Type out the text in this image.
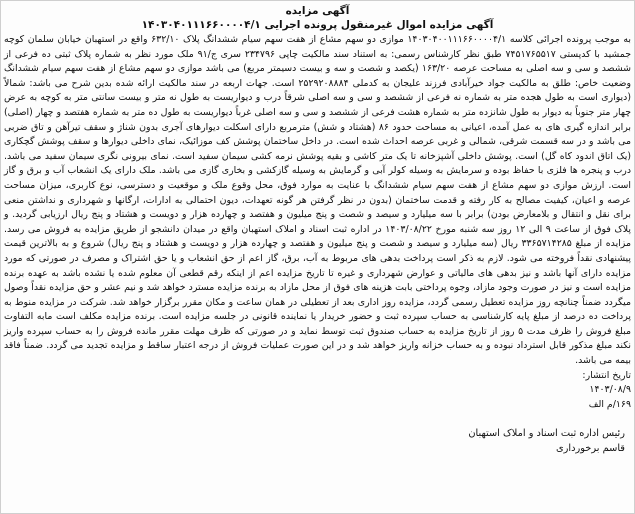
آگهی مزایده

آگهی مزایده اموال غیرمنقول پرونده اجرایی ۱۴۰۳۰۴۰۱۱۱۶۶۰۰۰۰۴/۱

به موجب پرونده اجرائی کلاسه ۱۴۰۳۰۴۰۰۱۱۱۶۶۰۰۰۰۴/۱ موازی دو سهم مشاع از هفت سهم سیام ششدانگ پلاک ۶۳۲/۱۰ واقع در استهبان خیابان سلمان کوچه جمشید با کدپستی ۷۴۵۱۷۶۵۵۱۷ طبق نظر کارشناس رسمی: به استناد سند مالکیت چاپی ۲۳۴۷۹۶ سری ج/۹۱ ملک مورد نظر به شماره پلاک ثبتی ده فرعی از ششصد و سی و سه اصلی به مساحت عرصه ۱۶۳/۲۰ (یکصد و شصت و سه و بیست دسیمتر مربع) می باشد موازی دو سهم مشاع از هفت سهم سیام ششدانگ وضعیت خاص: طلق به مالکیت جواد خیرآبادی فرزند علیجان به کدملی ۲۵۲۹۲۰۸۸۸۴ است. جهات اربعه در سند مالکیت ارائه شده بدین شرح می باشد: شمالاً (دیواری است به طول هجده متر به شماره نه فرعی از ششصد و سی و سه اصلی شرقاً درب و دیواریست به طول نه متر و بیست سانتی متر به کوچه به عرض چهار متر جنوباً به دیوار به طول شانزده متر به شماره هشت فرعی از ششصد و سی و سه اصلی غرباً دیواریست به طول ده متر به شماره هفتصد و چهار (اصلی) برابر اندازه گیری های به عمل آمده، اعیانی به مساحت حدود ۸۶ (هشتاد و شش) مترمربع دارای اسکلت دیوارهای آجری بدون شناژ و سقف تیرآهن و تاق ضربی می باشد و در سه قسمت شرقی، شمالی و غربی عرصه احداث شده است. در داخل ساختمان پوشش کف موزائیک، نمای داخلی دیوارها و سقف پوشش گچکاری (یک اتاق اندود کاه گل) است. پوشش داخلی آشپزخانه تا یک متر کاشی و بقیه پوشش نرمه کشی سیمان سفید است. نمای بیرونی نگری سیمان سفید می باشد. درب و پنجره ها فلزی با حفاظ بوده و سرمایش به وسیله کولر آبی و گرمایش به وسیله گازکشی و بخاری گازی می باشد. ملک دارای یک انشعاب آب و برق و گاز است. ارزش موازی دو سهم مشاع از هفت سهم سیام ششدانگ با عنایت به موارد فوق، محل وقوع ملک و موقعیت و دسترسی، نوع کاربری، میزان مساحت عرصه و اعیان، کیفیت مصالح به کار رفته و قدمت ساختمان (بدون در نظر گرفتن هر گونه تعهدات، دیون احتمالی به ادارات، ارگانها و شهرداری و نداشتن منعی برای نقل و انتقال و بلامعارض بودن) برابر با سه میلیارد و سیصد و شصت و پنج میلیون و هفتصد و چهارده هزار و دویست و هشتاد و پنج ریال ارزیابی گردید. و پلاک فوق از ساعت ۹ الی ۱۲ روز سه شنبه مورخ ۱۴۰۳/۰۸/۲۲ در اداره ثبت اسناد و املاک استهبان واقع در میدان دانشجو از طریق مزایده به فروش می رسد. مزایده از مبلغ ۳۳۶۵۷۱۴۲۸۵ ریال (سه میلیارد و سیصد و شصت و پنج میلیون و هفتصد و چهارده هزار و دویست و هشتاد و پنج ریال) شروع و به بالاترین قیمت پیشنهادی نقداً فروخته می شود. لازم به ذکر است پرداخت بدهی های مربوط به آب، برق، گاز اعم از حق انشعاب و یا حق اشتراک و مصرف در صورتی که مورد مزایده دارای آنها باشد و نیز بدهی های مالیاتی و عوارض شهرداری و غیره تا تاریخ مزایده اعم از اینکه رقم قطعی آن معلوم شده یا نشده باشد به عهده برنده مزایده است و نیز در صورت وجود مازاد، وجوه پرداختی بابت هزینه های فوق از محل مازاد به برنده مزایده مسترد خواهد شد و نیم عشر و حق مزایده نقداً وصول میگردد ضمناً چنانچه روز مزایده تعطیل رسمی گردد، مزایده روز اداری بعد از تعطیلی در همان ساعت و مکان مقرر برگزار خواهد شد. شرکت در مزایده منوط به پرداخت ده درصد از مبلغ پایه کارشناسی به حساب سپرده ثبت و حضور خریدار یا نماینده قانونی در جلسه مزایده است. برنده مزایده مکلف است مابه التفاوت مبلغ فروش را ظرف مدت ۵ روز از تاریخ مزایده به حساب صندوق ثبت توسط نماید و در صورتی که ظرف مهلت مقرر مانده فروش را به حساب سپرده واریز نکند مبلغ مذکور قابل استرداد نبوده و به حساب خزانه واریز خواهد شد و در این صورت عملیات فروش از درجه اعتبار ساقط و مزایده تجدید می گردد. ضمناً فاقد بیمه می باشد.

تاریخ انتشار:
۱۴۰۳/۰۸/۹

۱۶۹/م الف

رئیس اداره ثبت اسناد و املاک استهبان

قاسم برخورداری
